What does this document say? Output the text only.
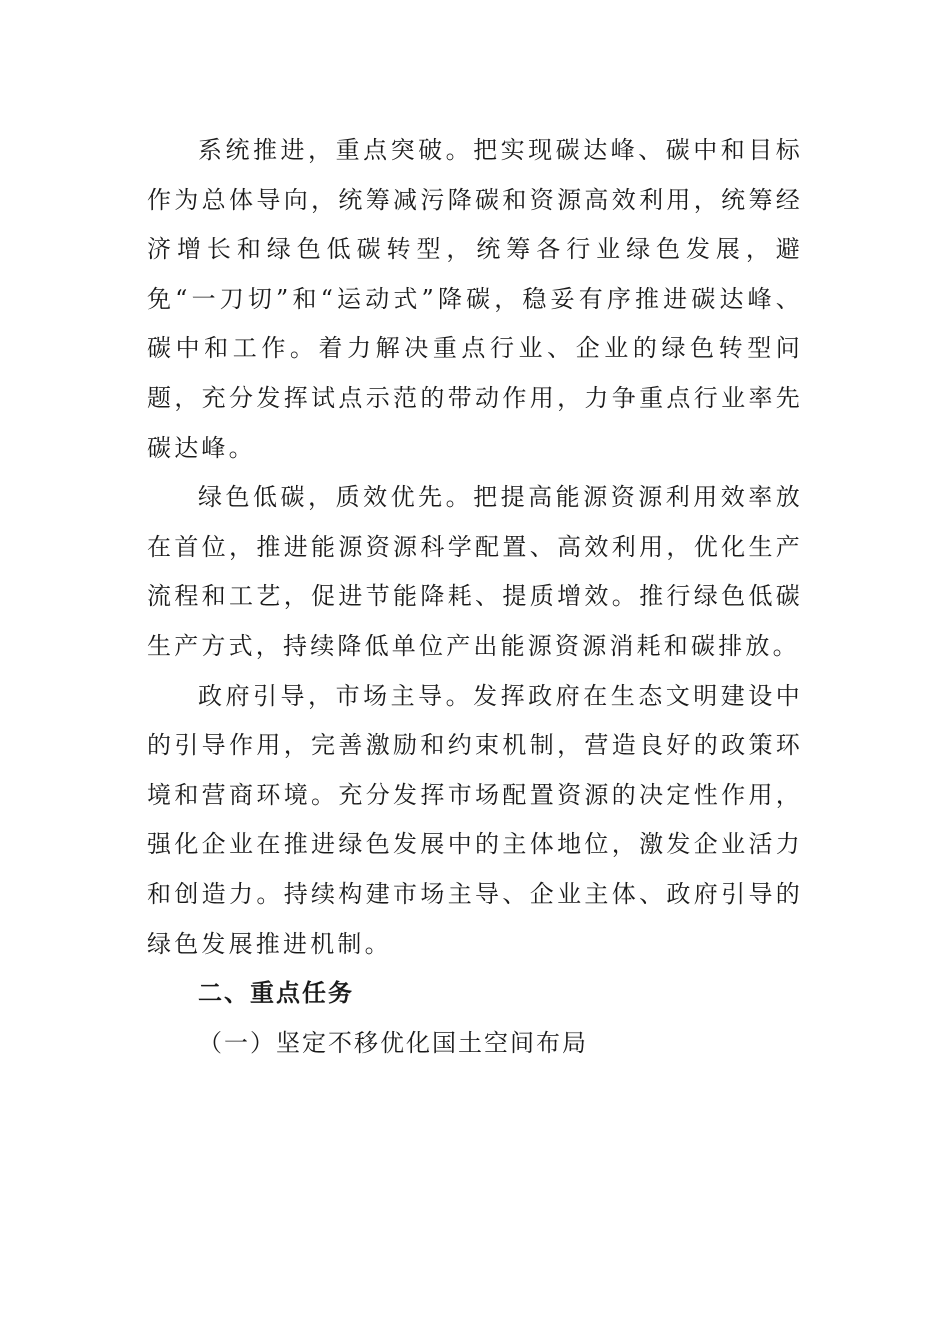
系统推进，重点突破。把实现碳达峰、碳中和目标作为总体导向，统筹减污降碳和资源高效利用，统筹经济增长和绿色低碳转型，统筹各行业绿色发展，避免“一刀切”和“运动式”降碳，稳妥有序推进碳达峰、碳中和工作。着力解决重点行业、企业的绿色转型问题，充分发挥试点示范的带动作用，力争重点行业率先碳达峰。

绿色低碳，质效优先。把提高能源资源利用效率放在首位，推进能源资源科学配置、高效利用，优化生产流程和工艺，促进节能降耗、提质增效。推行绿色低碳生产方式，持续降低单位产出能源资源消耗和碳排放。

政府引导，市场主导。发挥政府在生态文明建设中的引导作用，完善激励和约束机制，营造良好的政策环境和营商环境。充分发挥市场配置资源的决定性作用，强化企业在推进绿色发展中的主体地位，激发企业活力和创造力。持续构建市场主导、企业主体、政府引导的绿色发展推进机制。

二、重点任务

（一）坚定不移优化国土空间布局
